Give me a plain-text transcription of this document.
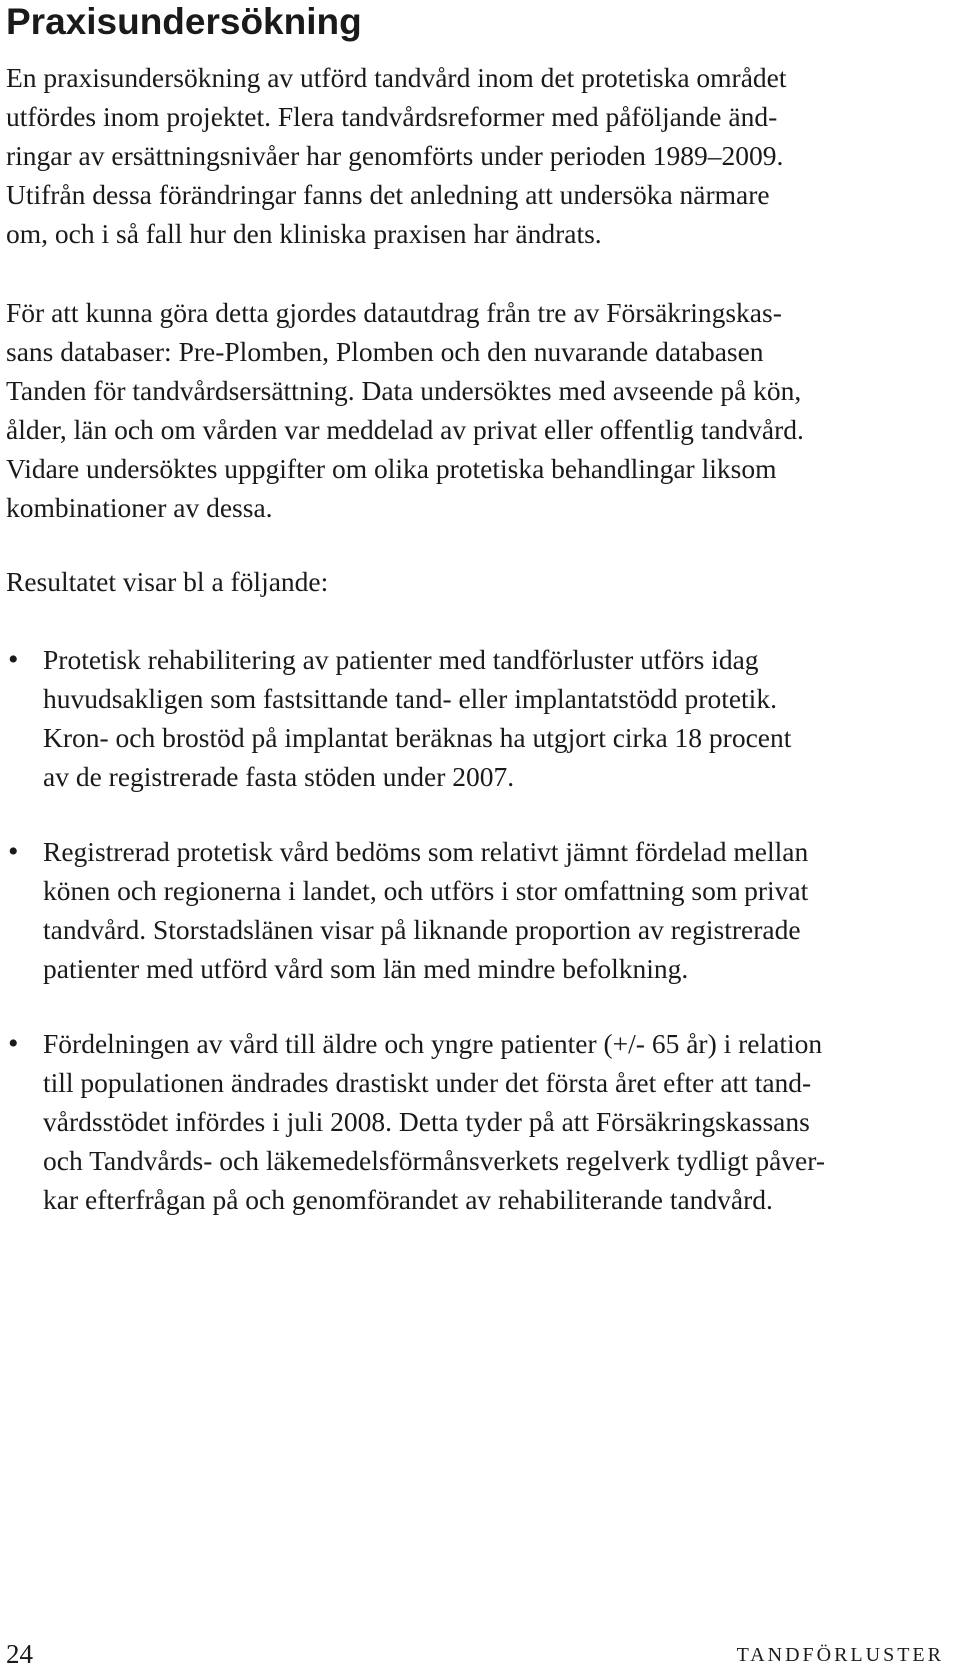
Praxisundersökning
En praxisundersökning av utförd tandvård inom det protetiska området
utfördes inom projektet. Flera tandvårdsreformer med påföljande änd-
ringar av ersättningsnivåer har genomförts under perioden 1989–2009.
Utifrån dessa förändringar fanns det anledning att undersöka närmare
om, och i så fall hur den kliniska praxisen har ändrats.
För att kunna göra detta gjordes datautdrag från tre av Försäkringskas-
sans databaser: Pre-Plomben, Plomben och den nuvarande databasen
Tanden för tandvårdsersättning. Data undersöktes med avseende på kön,
ålder, län och om vården var meddelad av privat eller offentlig tandvård.
Vidare undersöktes uppgifter om olika protetiska behandlingar liksom
kombinationer av dessa.
Resultatet visar bl a följande:
• Protetisk rehabilitering av patienter med tandförluster utförs idag
huvudsakligen som fastsittande tand- eller implantatstödd protetik.
Kron- och brostöd på implantat beräknas ha utgjort cirka 18 procent
av de registrerade fasta stöden under 2007.
• Registrerad protetisk vård bedöms som relativt jämnt fördelad mellan
könen och regionerna i landet, och utförs i stor omfattning som privat
tandvård. Storstadslänen visar på liknande proportion av registrerade
patienter med utförd vård som län med mindre befolkning.
• Fördelningen av vård till äldre och yngre patienter (+/- 65 år) i relation
till populationen ändrades drastiskt under det första året efter att tand-
vårdsstödet infördes i juli 2008. Detta tyder på att Försäkringskassans
och Tandvårds- och läkemedelsförmånsverkets regelverk tydligt påver-
kar efterfrågan på och genomförandet av rehabiliterande tandvård.
24	TANDFÖRLUSTER
